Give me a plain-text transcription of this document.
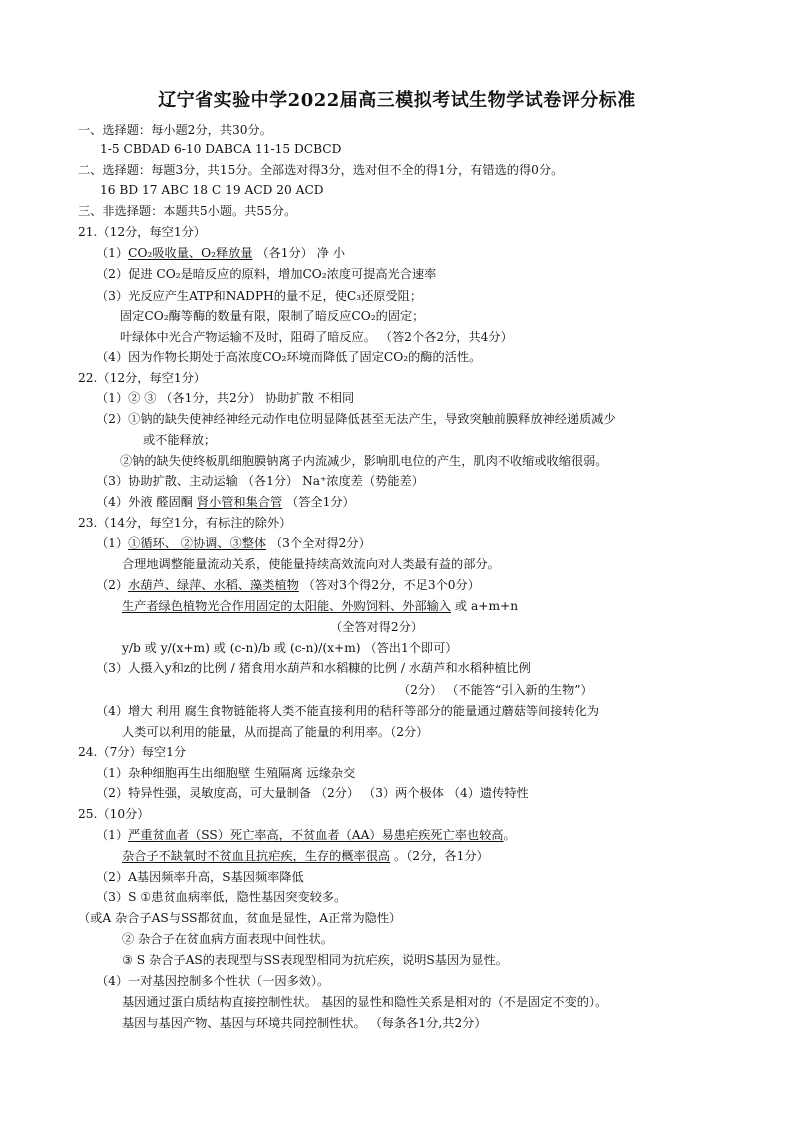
辽宁省实验中学2022届高三模拟考试生物学试卷评分标准
一、选择题：每小题2分，共30分。
1-5 CBDAD 6-10 DABCA 11-15 DCBCD
二、选择题：每题3分，共15分。全部选对得3分，选对但不全的得1分，有错选的得0分。
16 BD 17 ABC 18 C 19 ACD 20 ACD
三、非选择题：本题共5小题。共55分。
21.（12分，每空1分）
（1）CO₂吸收量、O₂释放量 （各1分） 净 小
（2）促进 CO₂是暗反应的原料，增加CO₂浓度可提高光合速率
（3）光反应产生ATP和NADPH的量不足，使C₃还原受阻；
固定CO₂酶等酶的数量有限，限制了暗反应CO₂的固定；
叶绿体中光合产物运输不及时，阻碍了暗反应。 （答2个各2分，共4分）
（4）因为作物长期处于高浓度CO₂环境而降低了固定CO₂的酶的活性。
22.（12分，每空1分）
（1）② ③ （各1分，共2分） 协助扩散 不相同
（2）①钠的缺失使神经神经元动作电位明显降低甚至无法产生，导致突触前膜释放神经递质减少
或不能释放；
②钠的缺失使终板肌细胞膜钠离子内流减少，影响肌电位的产生，肌肉不收缩或收缩很弱。
（3）协助扩散、主动运输 （各1分） Na⁺浓度差（势能差）
（4）外液 醛固酮 肾小管和集合管 （答全1分）
23.（14分，每空1分，有标注的除外）
（1）①循环、 ②协调、③整体 （3个全对得2分）
合理地调整能量流动关系，使能量持续高效流向对人类最有益的部分。
（2）水葫芦、绿萍、水稻、藻类植物 （答对3个得2分，不足3个0分）
生产者绿色植物光合作用固定的太阳能、外购饲料、外部输入 或 a+m+n
（全答对得2分）
y/b 或 y/(x+m) 或 (c-n)/b 或 (c-n)/(x+m) （答出1个即可）
（3）人摄入y和z的比例 / 猪食用水葫芦和水稻糠的比例 / 水葫芦和水稻种植比例
（2分） （不能答“引入新的生物”）
（4）增大 利用 腐生食物链能将人类不能直接利用的秸秆等部分的能量通过蘑菇等间接转化为
人类可以利用的能量，从而提高了能量的利用率。（2分）
24.（7分）每空1分
（1）杂种细胞再生出细胞壁 生殖隔离 远缘杂交
（2）特异性强，灵敏度高，可大量制备 （2分） （3）两个极体 （4）遗传特性
25.（10分）
（1）严重贫血者（SS）死亡率高，不贫血者（AA）易患疟疾死亡率也较高。
杂合子不缺氧时不贫血且抗疟疾，生存的概率很高 。（2分，各1分）
（2）A基因频率升高，S基因频率降低
（3）S ①患贫血病率低，隐性基因突变较多。
（或A 杂合子AS与SS都贫血，贫血是显性，A正常为隐性）
② 杂合子在贫血病方面表现中间性状。
③ S 杂合子AS的表现型与SS表现型相同为抗疟疾，说明S基因为显性。
（4）一对基因控制多个性状（一因多效）。
基因通过蛋白质结构直接控制性状。 基因的显性和隐性关系是相对的（不是固定不变的）。
基因与基因产物、基因与环境共同控制性状。 （每条各1分,共2分）
